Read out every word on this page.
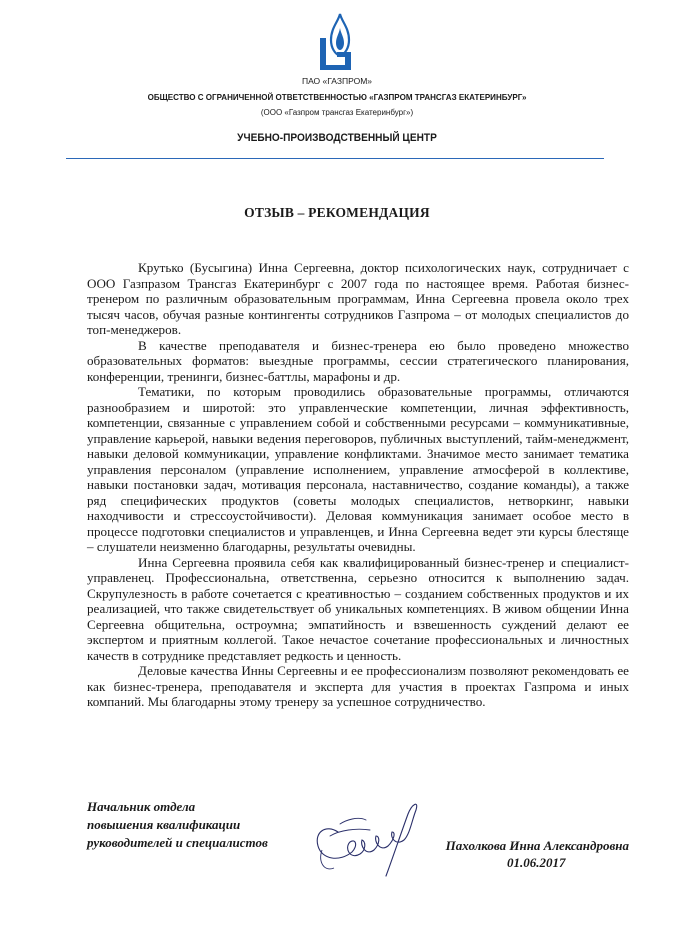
ПАО «ГАЗПРОМ»
ОБЩЕСТВО С ОГРАНИЧЕННОЙ ОТВЕТСТВЕННОСТЬЮ «ГАЗПРОМ ТРАНСГАЗ ЕКАТЕРИНБУРГ»
(ООО «Газпром трансгаз Екатеринбург»)
УЧЕБНО-ПРОИЗВОДСТВЕННЫЙ ЦЕНТР
ОТЗЫВ – РЕКОМЕНДАЦИЯ

Крутько (Бусыгина) Инна Сергеевна, доктор психологических наук, сотрудничает с ООО Газпразом Трансгаз Екатеринбург с 2007 года по настоящее время. Работая бизнес-тренером по различным образовательным программам, Инна Сергеевна провела около трех тысяч часов, обучая разные контингенты сотрудников Газпрома – от молодых специалистов до топ-менеджеров.

В качестве преподавателя и бизнес-тренера ею было проведено множество образовательных форматов: выездные программы, сессии стратегического планирования, конференции, тренинги, бизнес-баттлы, марафоны и др.

Тематики, по которым проводились образовательные программы, отличаются разнообразием и широтой: это управленческие компетенции, личная эффективность, компетенции, связанные с управлением собой и собственными ресурсами – коммуникативные, управление карьерой, навыки ведения переговоров, публичных выступлений, тайм-менеджмент, навыки деловой коммуникации, управление конфликтами. Значимое место занимает тематика управления персоналом (управление исполнением, управление атмосферой в коллективе, навыки постановки задач, мотивация персонала, наставничество, создание команды), а также ряд специфических продуктов (советы молодых специалистов, нетворкинг, навыки находчивости и стрессоустойчивости). Деловая коммуникация занимает особое место в процессе подготовки специалистов и управленцев, и Инна Сергеевна ведет эти курсы блестяще – слушатели неизменно благодарны, результаты очевидны.

Инна Сергеевна проявила себя как квалифицированный бизнес-тренер и специалист-управленец. Профессиональна, ответственна, серьезно относится к выполнению задач. Скрупулезность в работе сочетается с креативностью – созданием собственных продуктов и их реализацией, что также свидетельствует об уникальных компетенциях. В живом общении Инна Сергеевна общительна, остроумна; эмпатийность и взвешенность суждений делают ее экспертом и приятным коллегой. Такое нечастое сочетание профессиональных и личностных качеств в сотруднике представляет редкость и ценность.

Деловые качества Инны Сергеевны и ее профессионализм позволяют рекомендовать ее как бизнес-тренера, преподавателя и эксперта для участия в проектах Газпрома и иных компаний. Мы благодарны этому тренеру за успешное сотрудничество.

Начальник отдела
повышения квалификации
руководителей и специалистов	Пахолкова Инна Александровна
01.06.2017
